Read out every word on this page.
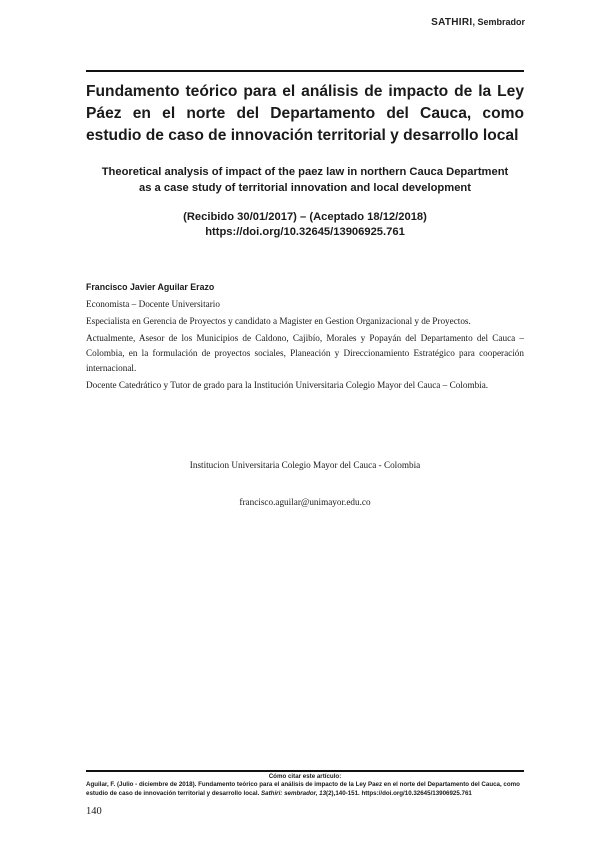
SATHIRI, Sembrador
Fundamento teórico para el análisis de impacto de la Ley Páez en el norte del Departamento del Cauca, como estudio de caso de innovación territorial y desarrollo local
Theoretical analysis of impact of the paez law in northern Cauca Department
as a case study of territorial innovation and local development
(Recibido 30/01/2017) – (Aceptado 18/12/2018)
https://doi.org/10.32645/13906925.761
Francisco Javier Aguilar Erazo

Economista – Docente Universitario

Especialista en Gerencia de Proyectos y candidato a Magister en Gestion Organizacional y de Proyectos.

Actualmente, Asesor de los Municipios de Caldono, Cajibío, Morales y Popayán del Departamento del Cauca – Colombia, en la formulación de proyectos sociales, Planeación y Direccionamiento Estratégico para cooperación internacional.

Docente Catedrático y Tutor de grado para la Institución Universitaria Colegio Mayor del Cauca – Colombia.

Institucion Universitaria Colegio Mayor del Cauca - Colombia
francisco.aguilar@unimayor.edu.co
Cómo citar este artículo:
Aguilar, F. (Julio - diciembre de 2018). Fundamento teórico para el análisis de impacto de la Ley Paez en el norte del Departamento del Cauca, como estudio de caso de innovación territorial y desarrollo local. Sathiri: sembrador, 13(2),140-151. https://doi.org/10.32645/13906925.761
140
